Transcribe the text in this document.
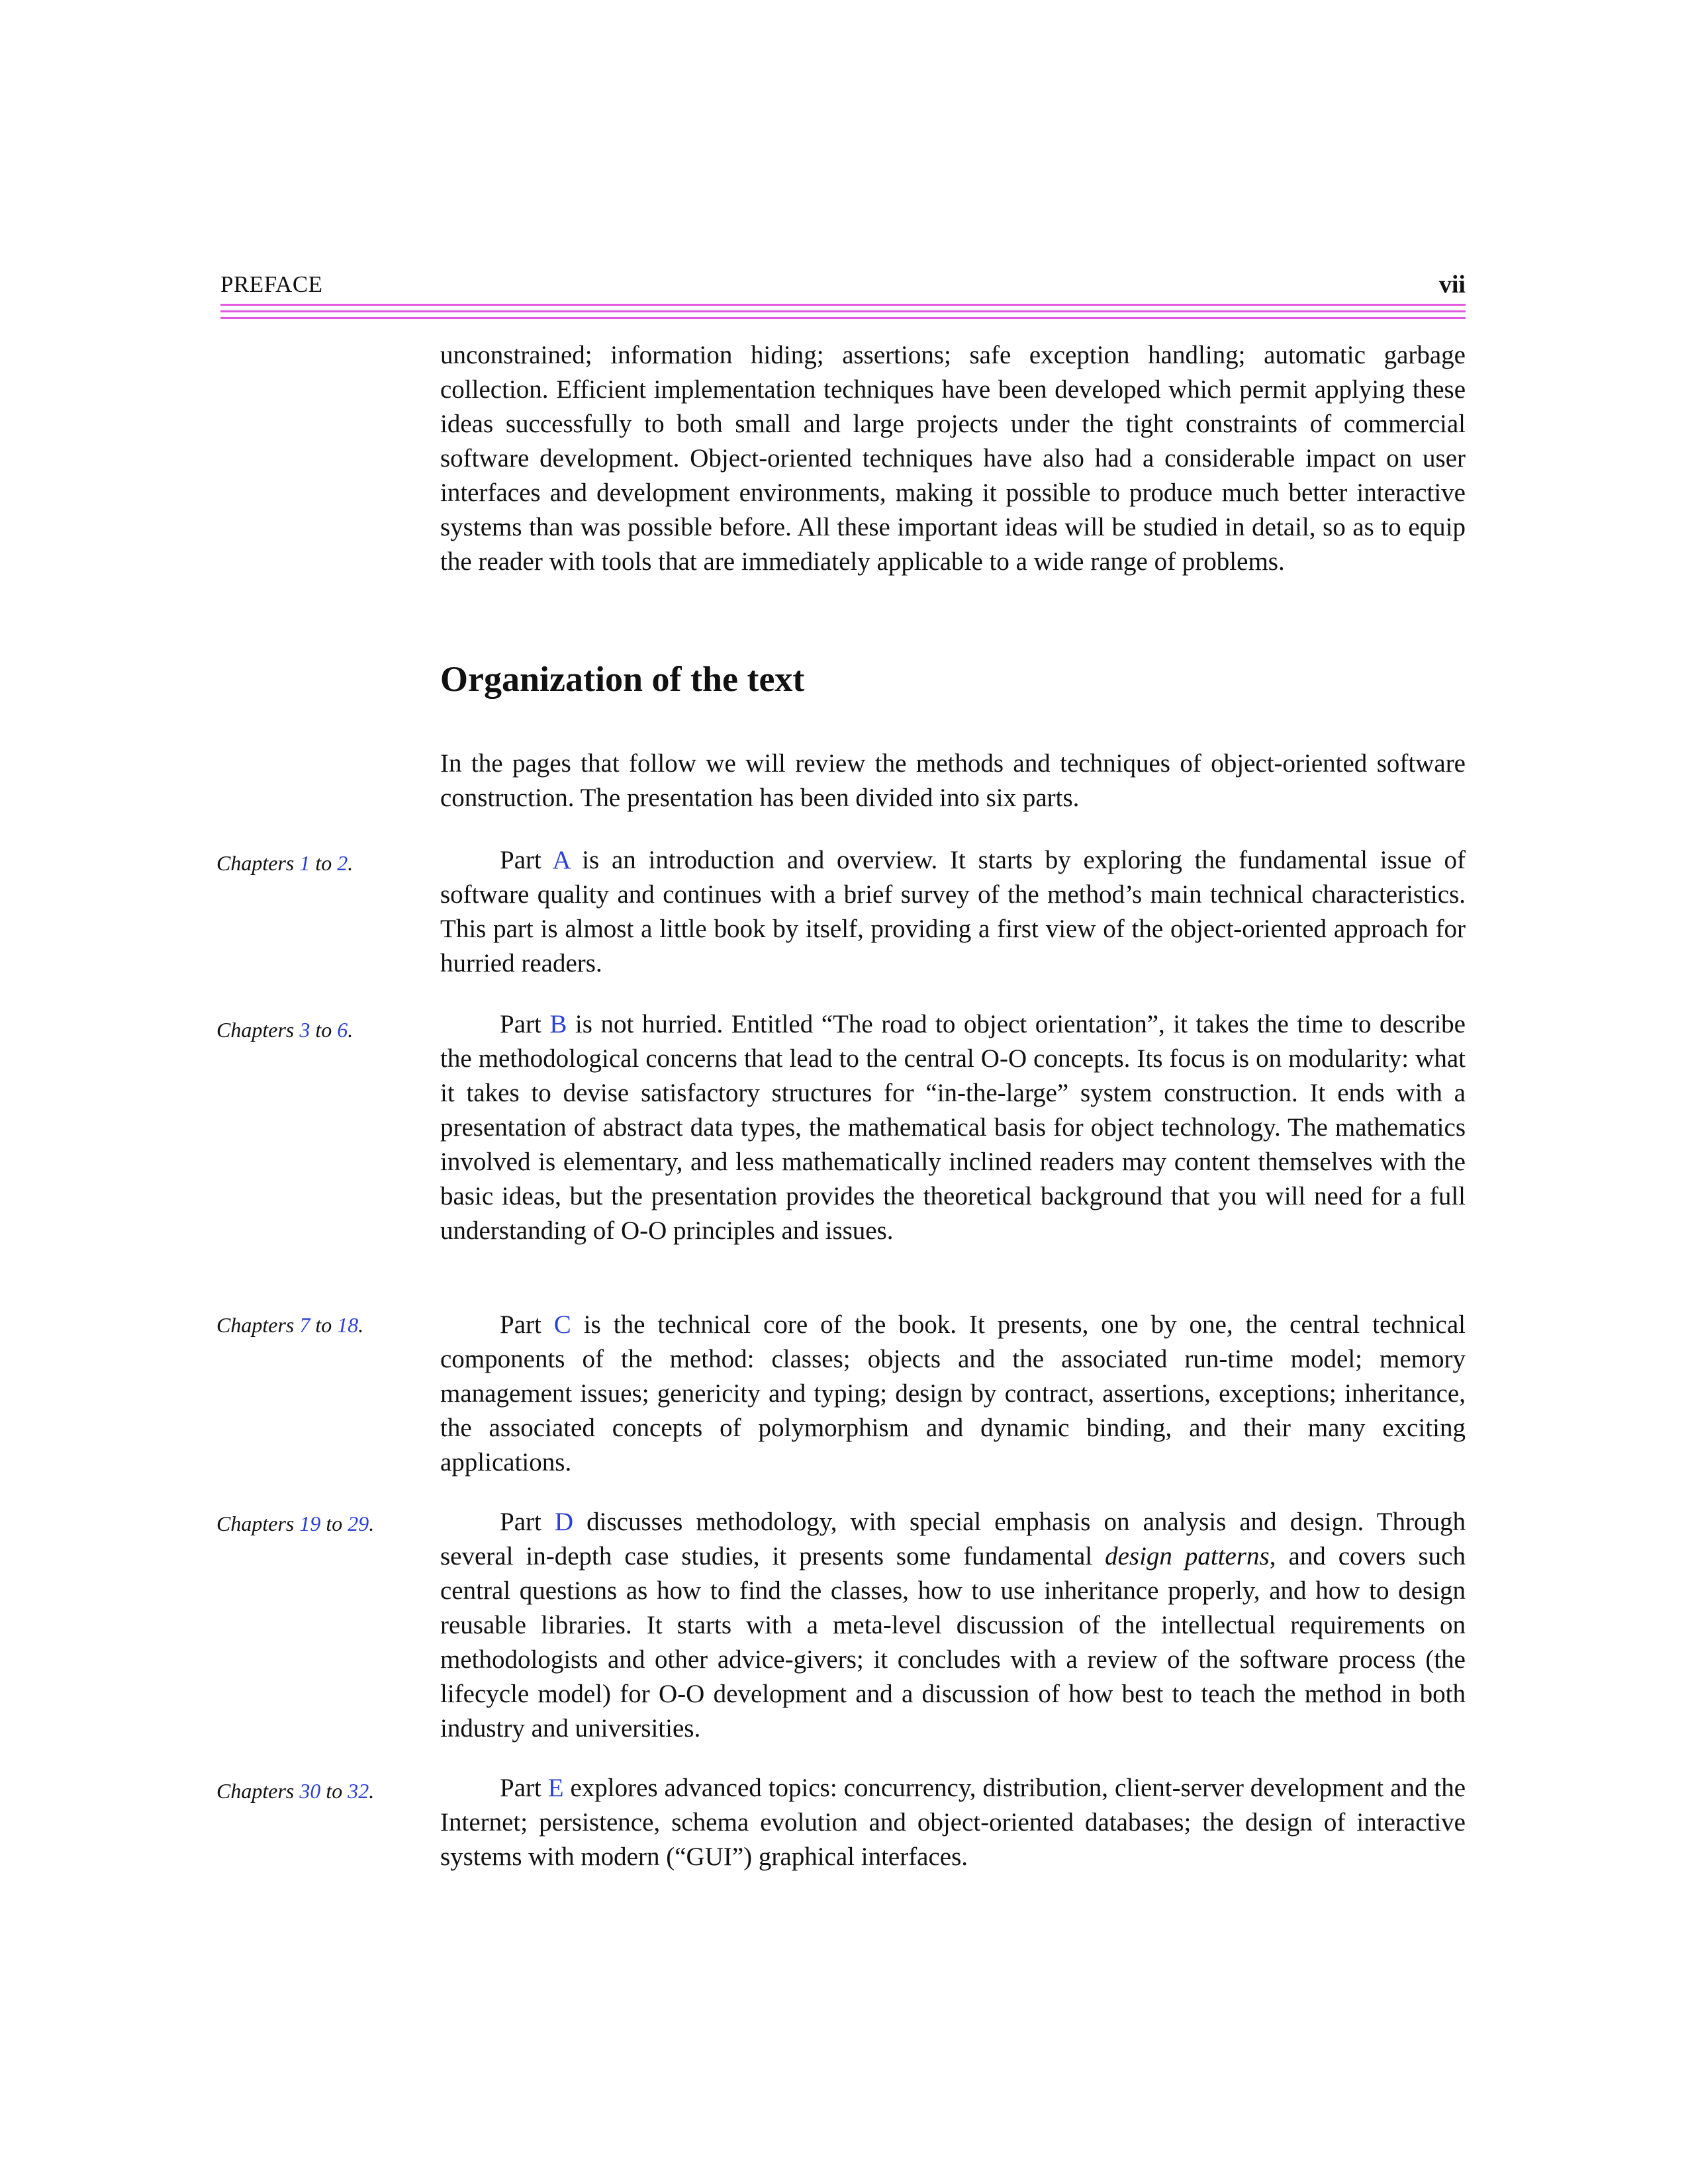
PREFACE	vii

unconstrained; information hiding; assertions; safe exception handling; automatic garbage collection. Efficient implementation techniques have been developed which permit applying these ideas successfully to both small and large projects under the tight constraints of commercial software development. Object-oriented techniques have also had a considerable impact on user interfaces and development environments, making it possible to produce much better interactive systems than was possible before. All these important ideas will be studied in detail, so as to equip the reader with tools that are immediately applicable to a wide range of problems.

Organization of the text

In the pages that follow we will review the methods and techniques of object-oriented software construction. The presentation has been divided into six parts.

Chapters 1 to 2.	Part A is an introduction and overview. It starts by exploring the fundamental issue of software quality and continues with a brief survey of the method’s main technical characteristics. This part is almost a little book by itself, providing a first view of the object-oriented approach for hurried readers.

Chapters 3 to 6.	Part B is not hurried. Entitled “The road to object orientation”, it takes the time to describe the methodological concerns that lead to the central O-O concepts. Its focus is on modularity: what it takes to devise satisfactory structures for “in-the-large” system construction. It ends with a presentation of abstract data types, the mathematical basis for object technology. The mathematics involved is elementary, and less mathematically inclined readers may content themselves with the basic ideas, but the presentation provides the theoretical background that you will need for a full understanding of O-O principles and issues.

Chapters 7 to 18.	Part C is the technical core of the book. It presents, one by one, the central technical components of the method: classes; objects and the associated run-time model; memory management issues; genericity and typing; design by contract, assertions, exceptions; inheritance, the associated concepts of polymorphism and dynamic binding, and their many exciting applications.

Chapters 19 to 29.	Part D discusses methodology, with special emphasis on analysis and design. Through several in-depth case studies, it presents some fundamental design patterns, and covers such central questions as how to find the classes, how to use inheritance properly, and how to design reusable libraries. It starts with a meta-level discussion of the intellectual requirements on methodologists and other advice-givers; it concludes with a review of the software process (the lifecycle model) for O-O development and a discussion of how best to teach the method in both industry and universities.

Chapters 30 to 32.	Part E explores advanced topics: concurrency, distribution, client-server development and the Internet; persistence, schema evolution and object-oriented databases; the design of interactive systems with modern (“GUI”) graphical interfaces.
